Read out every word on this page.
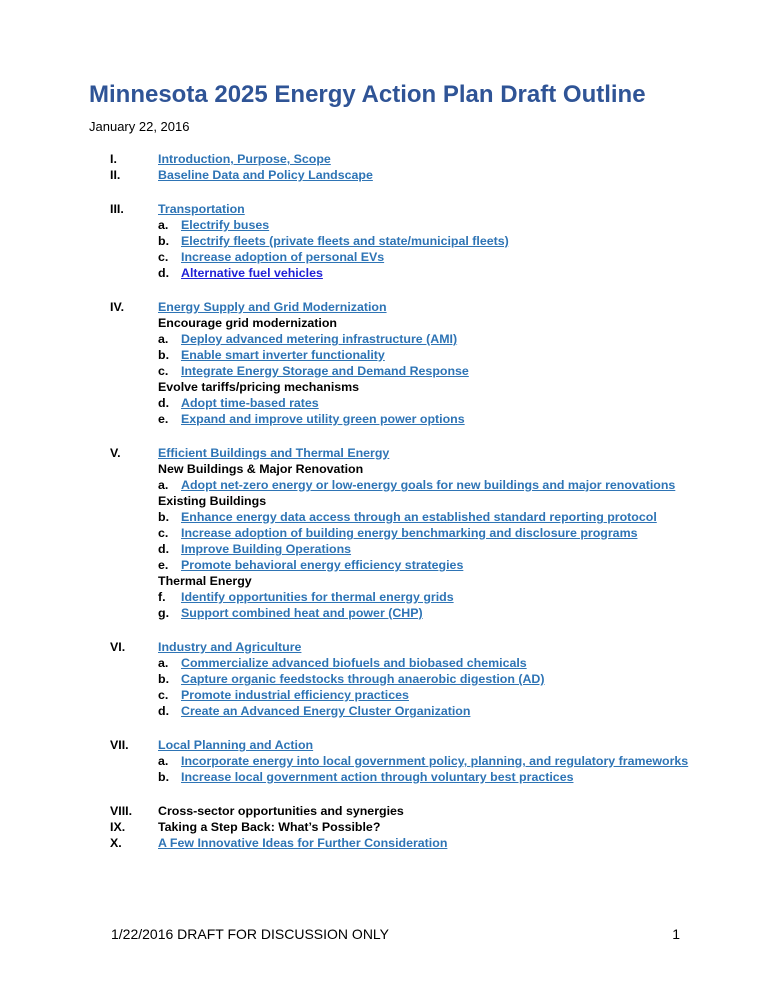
Minnesota 2025 Energy Action Plan Draft Outline
January 22, 2016
I.	Introduction, Purpose, Scope
II.	Baseline Data and Policy Landscape
III.	Transportation
a.	Electrify buses
b. Electrify fleets (private fleets and state/municipal fleets)
c.	Increase adoption of personal EVs
d. Alternative fuel vehicles
IV.	Energy Supply and Grid Modernization
Encourage grid modernization
a.	Deploy advanced metering infrastructure (AMI)
b. Enable smart inverter functionality
c.	Integrate Energy Storage and Demand Response
Evolve tariffs/pricing mechanisms
d. Adopt time-based rates
e.	Expand and improve utility green power options
V.	Efficient Buildings and Thermal Energy
New Buildings & Major Renovation
a.	Adopt net-zero energy or low-energy goals for new buildings and major renovations
Existing Buildings
b. Enhance energy data access through an established standard reporting protocol
c.	Increase adoption of building energy benchmarking and disclosure programs
d. Improve Building Operations
e.	Promote behavioral energy efficiency strategies
Thermal Energy
f.	Identify opportunities for thermal energy grids
g. Support combined heat and power (CHP)
VI.	Industry and Agriculture
a.	Commercialize advanced biofuels and biobased chemicals
b. Capture organic feedstocks through anaerobic digestion (AD)
c.	Promote industrial efficiency practices
d. Create an Advanced Energy Cluster Organization
VII.	Local Planning and Action
a.	Incorporate energy into local government policy, planning, and regulatory frameworks
b. Increase local government action through voluntary best practices
VIII.	Cross-sector opportunities and synergies
IX.	Taking a Step Back: What’s Possible?
X.	A Few Innovative Ideas for Further Consideration
1/22/2016 DRAFT FOR DISCUSSION ONLY	1
